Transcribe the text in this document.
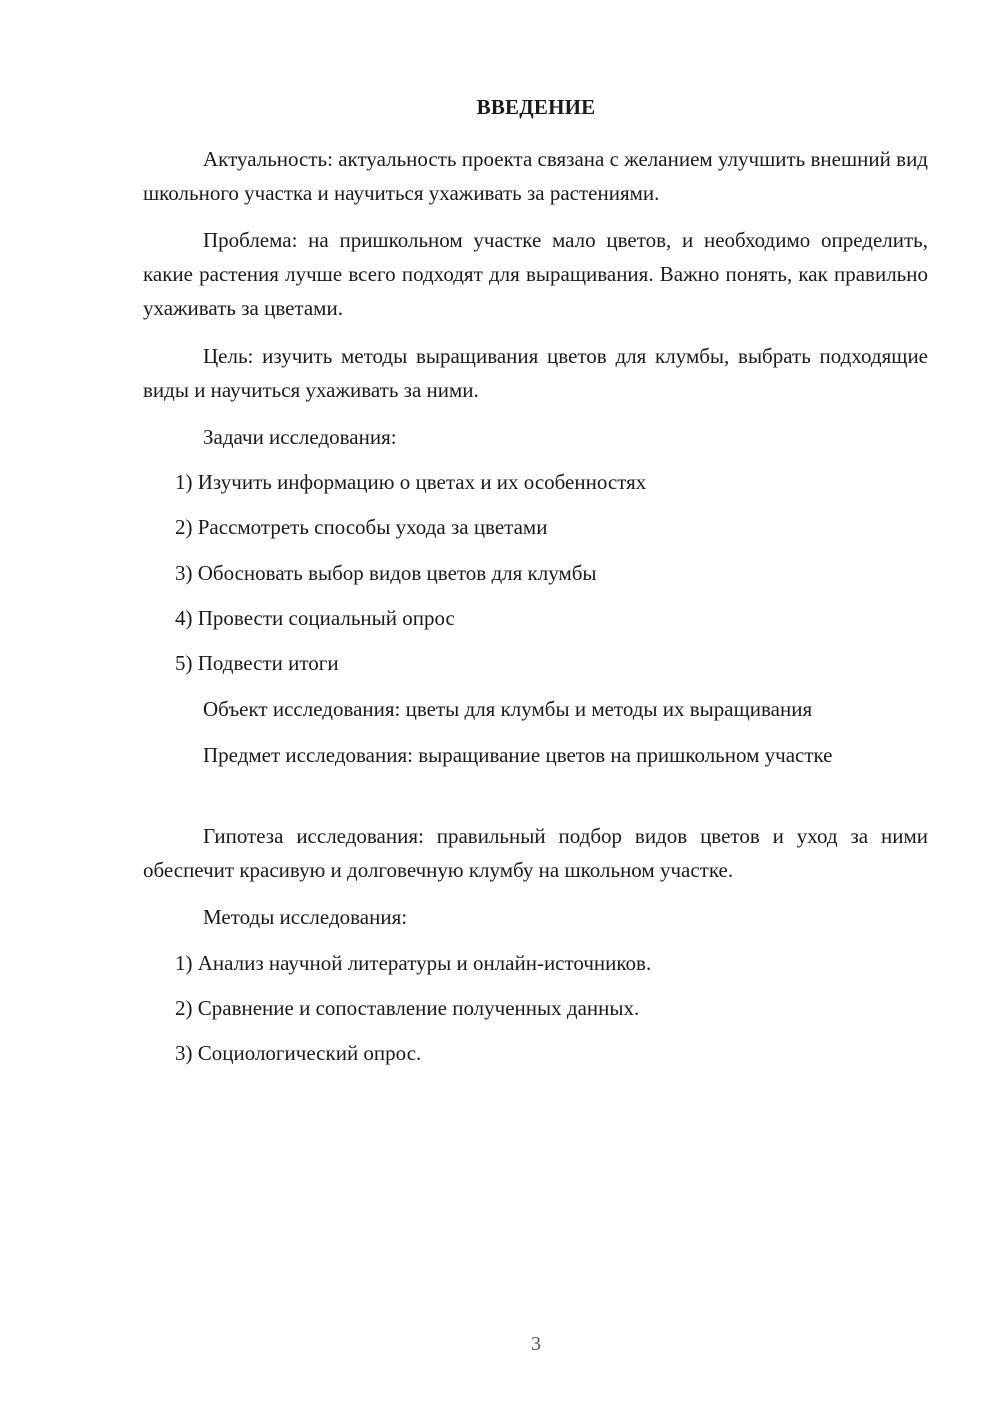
ВВЕДЕНИЕ
Актуальность: актуальность проекта связана с желанием улучшить внешний вид школьного участка и научиться ухаживать за растениями.
Проблема: на пришкольном участке мало цветов, и необходимо определить, какие растения лучше всего подходят для выращивания. Важно понять, как правильно ухаживать за цветами.
Цель: изучить методы выращивания цветов для клумбы, выбрать подходящие виды и научиться ухаживать за ними.
Задачи исследования:
1) Изучить информацию о цветах и их особенностях
2) Рассмотреть способы ухода за цветами
3) Обосновать выбор видов цветов для клумбы
4) Провести социальный опрос
5) Подвести итоги
Объект исследования: цветы для клумбы и методы их выращивания
Предмет исследования: выращивание цветов на пришкольном участке
Гипотеза исследования: правильный подбор видов цветов и уход за ними обеспечит красивую и долговечную клумбу на школьном участке.
Методы исследования:
1) Анализ научной литературы и онлайн-источников.
2) Сравнение и сопоставление полученных данных.
3) Социологический опрос.
3
